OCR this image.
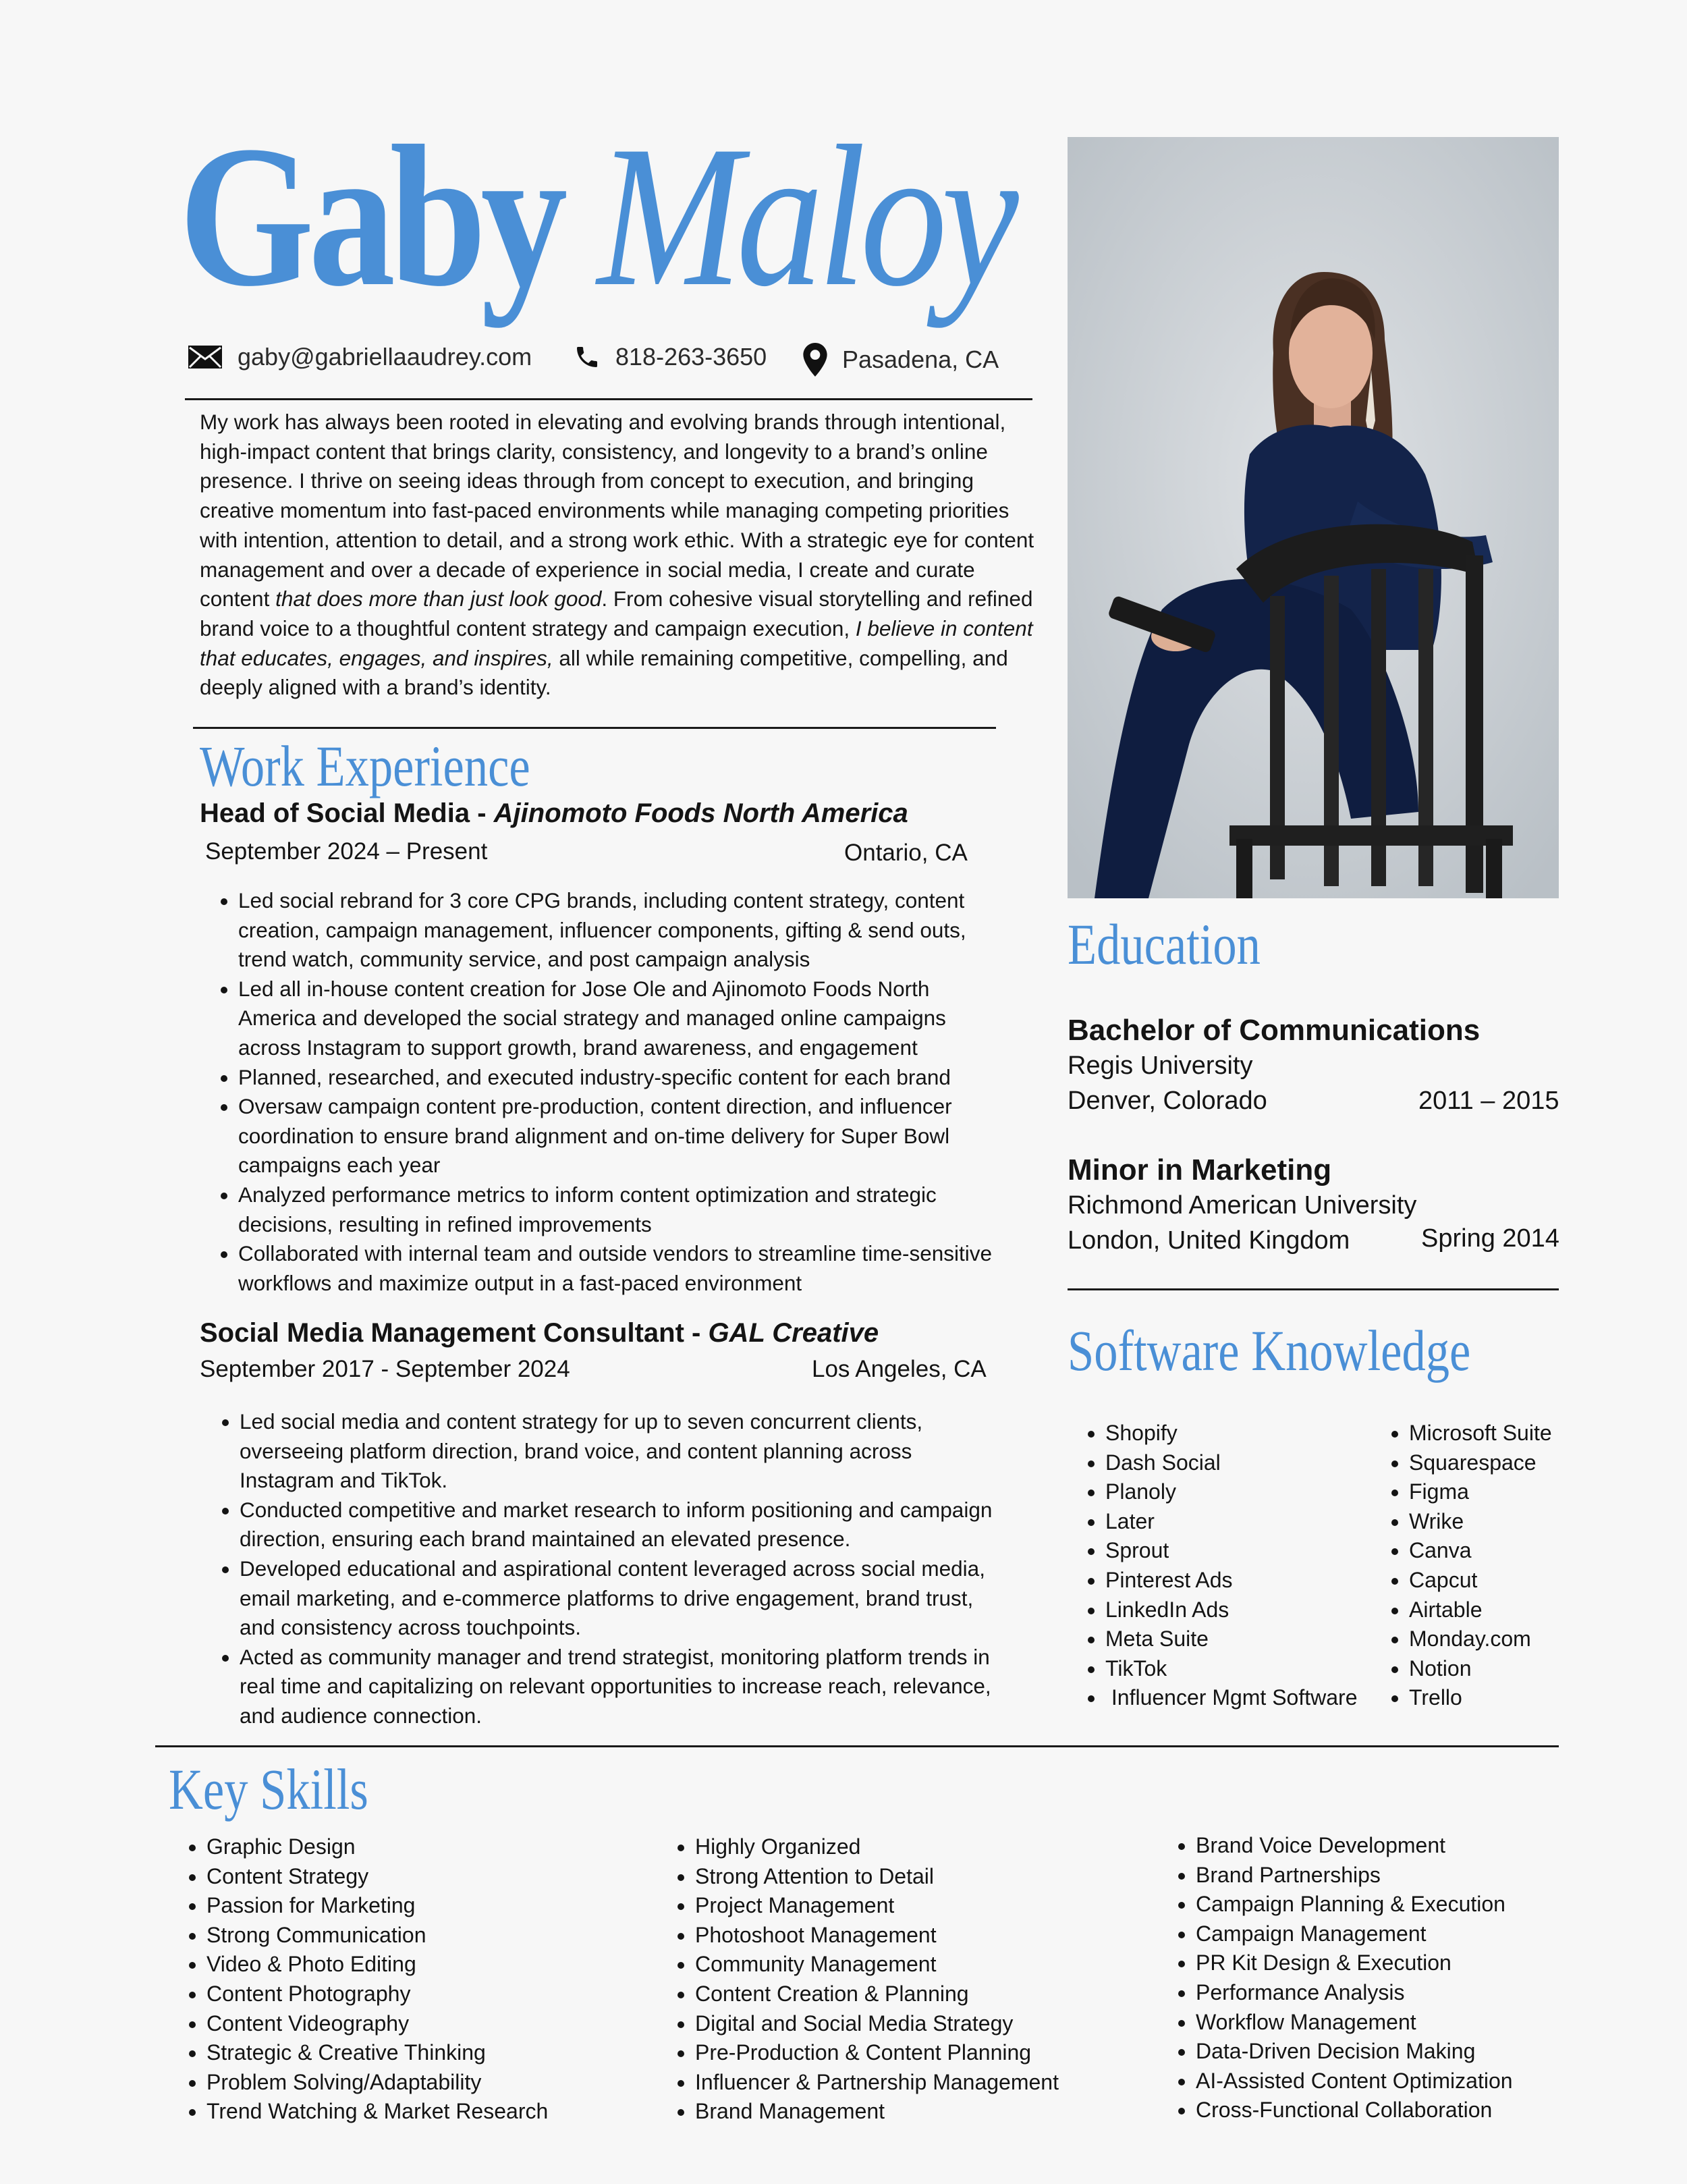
Gaby Maloy
gaby@gabriellaaudrey.com	818-263-3650	Pasadena, CA

My work has always been rooted in elevating and evolving brands through intentional, high-impact content that brings clarity, consistency, and longevity to a brand’s online presence. I thrive on seeing ideas through from concept to execution, and bringing creative momentum into fast-paced environments while managing competing priorities with intention, attention to detail, and a strong work ethic. With a strategic eye for content management and over a decade of experience in social media, I create and curate content that does more than just look good. From cohesive visual storytelling and refined brand voice to a thoughtful content strategy and campaign execution, I believe in content that educates, engages, and inspires, all while remaining competitive, compelling, and deeply aligned with a brand’s identity.

Work Experience
Head of Social Media - Ajinomoto Foods North America
September 2024 – Present	Ontario, CA
• Led social rebrand for 3 core CPG brands, including content strategy, content creation, campaign management, influencer components, gifting & send outs, trend watch, community service, and post campaign analysis
• Led all in-house content creation for Jose Ole and Ajinomoto Foods North America and developed the social strategy and managed online campaigns across Instagram to support growth, brand awareness, and engagement
• Planned, researched, and executed industry-specific content for each brand
• Oversaw campaign content pre-production, content direction, and influencer coordination to ensure brand alignment and on-time delivery for Super Bowl campaigns each year
• Analyzed performance metrics to inform content optimization and strategic decisions, resulting in refined improvements
• Collaborated with internal team and outside vendors to streamline time-sensitive workflows and maximize output in a fast-paced environment
Social Media Management Consultant - GAL Creative
September 2017 - September 2024	Los Angeles, CA
• Led social media and content strategy for up to seven concurrent clients, overseeing platform direction, brand voice, and content planning across Instagram and TikTok.
• Conducted competitive and market research to inform positioning and campaign direction, ensuring each brand maintained an elevated presence.
• Developed educational and aspirational content leveraged across social media, email marketing, and e-commerce platforms to drive engagement, brand trust, and consistency across touchpoints.
• Acted as community manager and trend strategist, monitoring platform trends in real time and capitalizing on relevant opportunities to increase reach, relevance, and audience connection.
Education
Bachelor of Communications
Regis University
Denver, Colorado	2011 – 2015
Minor in Marketing
Richmond American University
London, United Kingdom	Spring 2014
Software Knowledge
• Shopify
• Dash Social
• Planoly
• Later
• Sprout
• Pinterest Ads
• LinkedIn Ads
• Meta Suite
• TikTok
•  Influencer Mgmt Software
• Microsoft Suite
• Squarespace
• Figma
• Wrike
• Canva
• Capcut
• Airtable
• Monday.com
• Notion
• Trello
Key Skills
• Graphic Design
• Content Strategy
• Passion for Marketing
• Strong Communication
• Video & Photo Editing
• Content Photography
• Content Videography
• Strategic & Creative Thinking
• Problem Solving/Adaptability
• Trend Watching & Market Research
• Highly Organized
• Strong Attention to Detail
• Project Management
• Photoshoot Management
• Community Management
• Content Creation & Planning
• Digital and Social Media Strategy
• Pre-Production & Content Planning
• Influencer & Partnership Management
• Brand Management
• Brand Voice Development
• Brand Partnerships
• Campaign Planning & Execution
• Campaign Management
• PR Kit Design & Execution
• Performance Analysis
• Workflow Management
• Data-Driven Decision Making
• AI-Assisted Content Optimization
• Cross-Functional Collaboration
